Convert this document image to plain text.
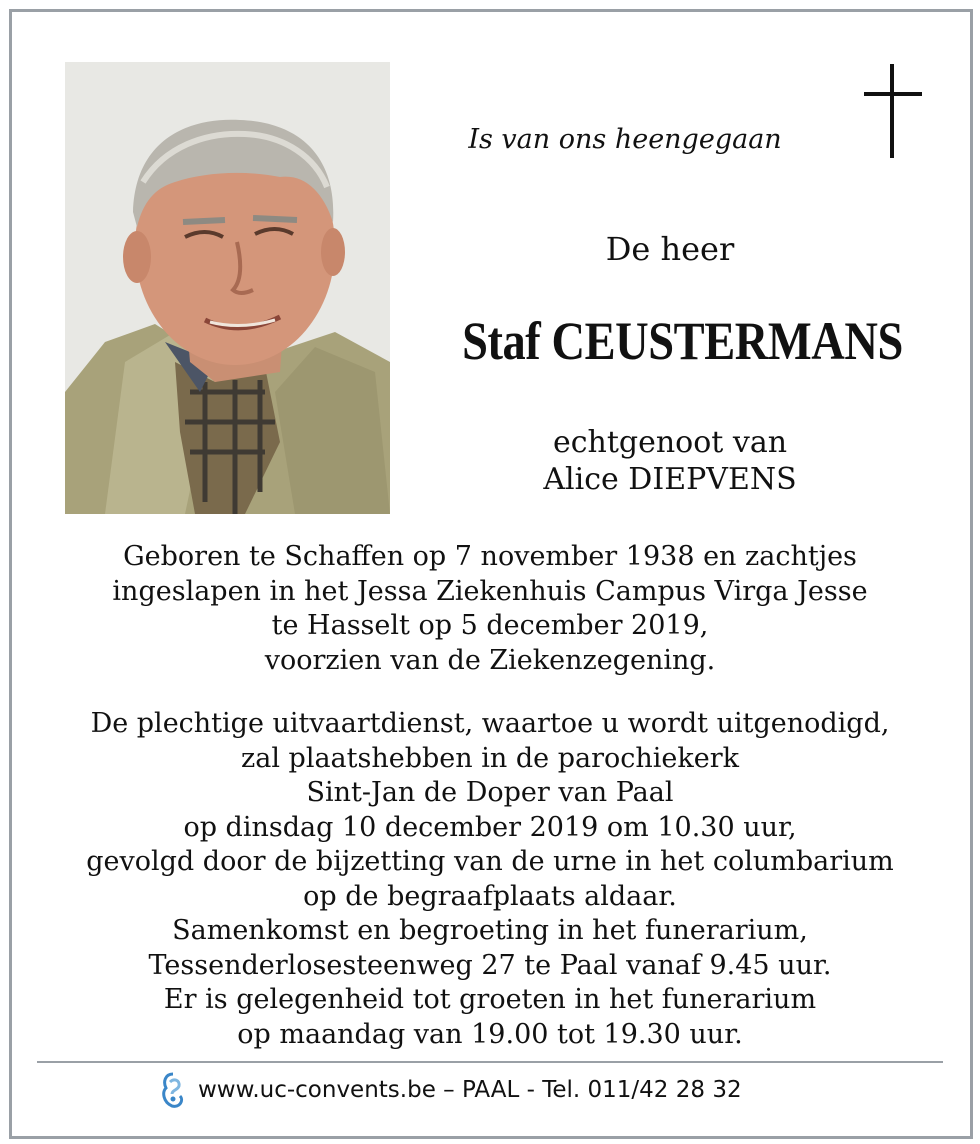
Is van ons heengegaan
De heer
Staf CEUSTERMANS
echtgenoot van
Alice DIEPVENS
Geboren te Schaffen op 7 november 1938 en zachtjes
ingeslapen in het Jessa Ziekenhuis Campus Virga Jesse
te Hasselt op 5 december 2019,
voorzien van de Ziekenzegening.
De plechtige uitvaartdienst, waartoe u wordt uitgenodigd,
zal plaatshebben in de parochiekerk
Sint-Jan de Doper van Paal
op dinsdag 10 december 2019 om 10.30 uur,
gevolgd door de bijzetting van de urne in het columbarium
op de begraafplaats aldaar.
Samenkomst en begroeting in het funerarium,
Tessenderlosesteenweg 27 te Paal vanaf 9.45 uur.
Er is gelegenheid tot groeten in het funerarium
op maandag van 19.00 tot 19.30 uur.
www.uc-convents.be – PAAL - Tel. 011/42 28 32
